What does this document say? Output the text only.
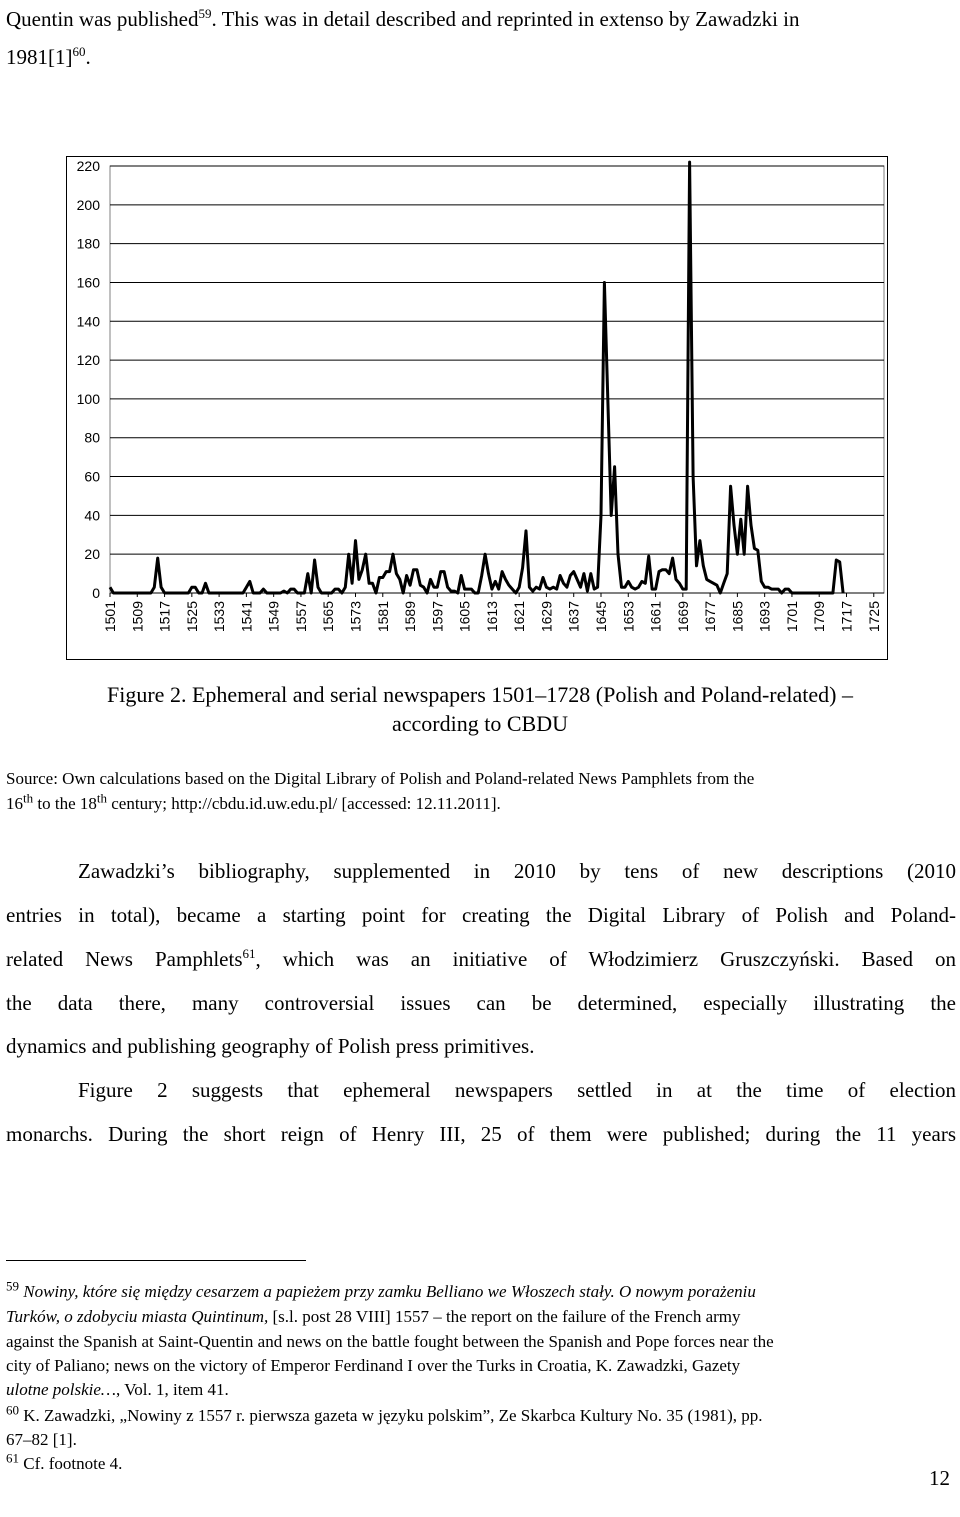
Quentin was published$^{59}$. This was in detail described and reprinted in extenso by Zawadzki in
$1981[1]^{60}$.
0
20
40
60
80
100
120
140
160
180
200
220
1501 1509 1517 1525 1533 1541 1549 1557 1565 1573 1581 1589 1597 1605 1613 1621 1629 1637 1645 1653 1661 1669 1677 1685 1693 1701 1709 1717 1725
Figure 2. Ephemeral and serial newspapers 1501–1728 (Polish and Poland-related) –
according to CBDU
Source: Own calculations based on the Digital Library of Polish and Poland-related News Pamphlets from the
16th to the 18th century; http://cbdu.id.uw.edu.pl/ [accessed: 12.11.2011].
Zawadzki’s bibliography, supplemented in 2010 by tens of new descriptions (2010
entries in total), became a starting point for creating the Digital Library of Polish and Poland-
related News Pamphlets$^{61}$, which was an initiative of Włodzimierz Gruszczyński. Based on
the data there, many controversial issues can be determined, especially illustrating the
dynamics and publishing geography of Polish press primitives.
Figure 2 suggests that ephemeral newspapers settled in at the time of election
monarchs. During the short reign of Henry III, 25 of them were published; during the 11 years
$^{59}$ Nowiny, które się między cesarzem a papieżem przy zamku Belliano we Włoszech stały. O nowym porażeniu
Turków, o zdobyciu miasta Quintinum, [s.l. post 28 VIII] 1557 – the report on the failure of the French army
against the Spanish at Saint-Quentin and news on the battle fought between the Spanish and Pope forces near the
city of Paliano; news on the victory of Emperor Ferdinand I over the Turks in Croatia, K. Zawadzki, Gazety
ulotne polskie…, Vol. 1, item 41.
$^{60}$ K. Zawadzki, „Nowiny z 1557 r. pierwsza gazeta w języku polskim”, Ze Skarbca Kultury No. 35 (1981), pp.
67–82 [1].
$^{61}$ Cf. footnote 4.
12
